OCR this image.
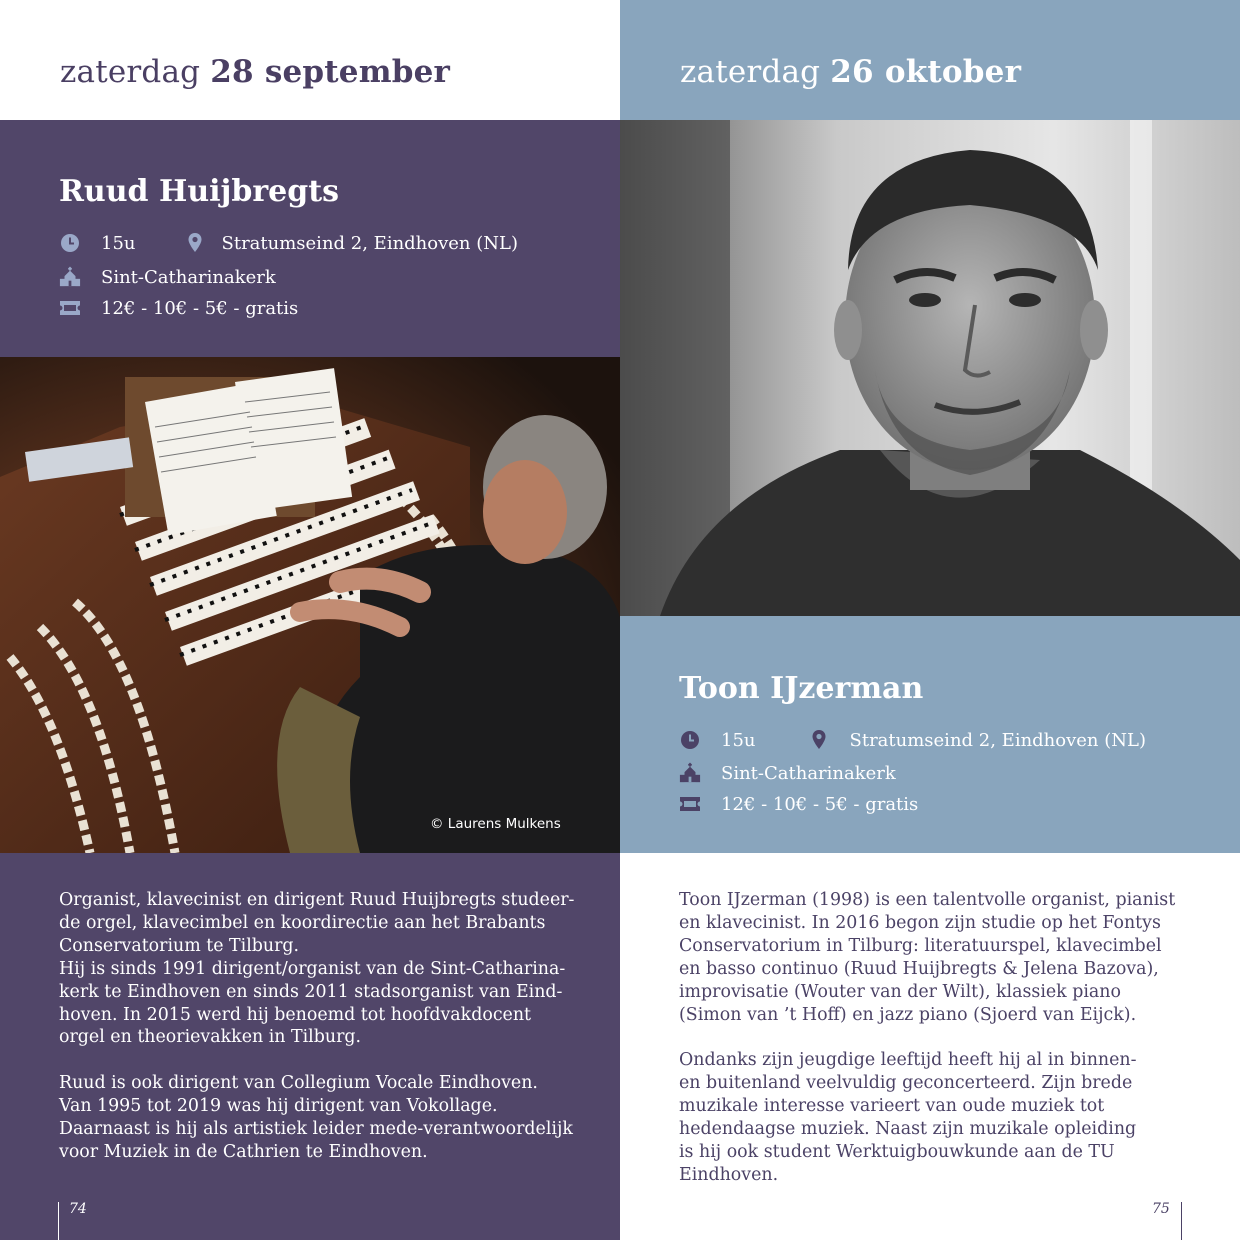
zaterdag 28 september
Ruud Huijbregts
15u	Stratumseind 2, Eindhoven (NL)
Sint-Catharinakerk
12€ - 10€ - 5€ - gratis
© Laurens Mulkens
Organist, klavecinist en dirigent Ruud Huijbregts studeer-
de orgel, klavecimbel en koordirectie aan het Brabants
Conservatorium te Tilburg.
Hij is sinds 1991 dirigent/organist van de Sint-Catharina-
kerk te Eindhoven en sinds 2011 stadsorganist van Eind-
hoven. In 2015 werd hij benoemd tot hoofdvakdocent
orgel en theorievakken in Tilburg.

Ruud is ook dirigent van Collegium Vocale Eindhoven.
Van 1995 tot 2019 was hij dirigent van Vokollage.
Daarnaast is hij als artistiek leider mede-verantwoordelijk
voor Muziek in de Cathrien te Eindhoven.
74
zaterdag 26 oktober
Toon IJzerman
15u	Stratumseind 2, Eindhoven (NL)
Sint-Catharinakerk
12€ - 10€ - 5€ - gratis
Toon IJzerman (1998) is een talentvolle organist, pianist
en klavecinist. In 2016 begon zijn studie op het Fontys
Conservatorium in Tilburg: literatuurspel, klavecimbel
en basso continuo (Ruud Huijbregts & Jelena Bazova),
improvisatie (Wouter van der Wilt), klassiek piano
(Simon van ’t Hoff) en jazz piano (Sjoerd van Eijck).

Ondanks zijn jeugdige leeftijd heeft hij al in binnen-
en buitenland veelvuldig geconcerteerd. Zijn brede
muzikale interesse varieert van oude muziek tot
hedendaagse muziek. Naast zijn muzikale opleiding
is hij ook student Werktuigbouwkunde aan de TU
Eindhoven.
75
